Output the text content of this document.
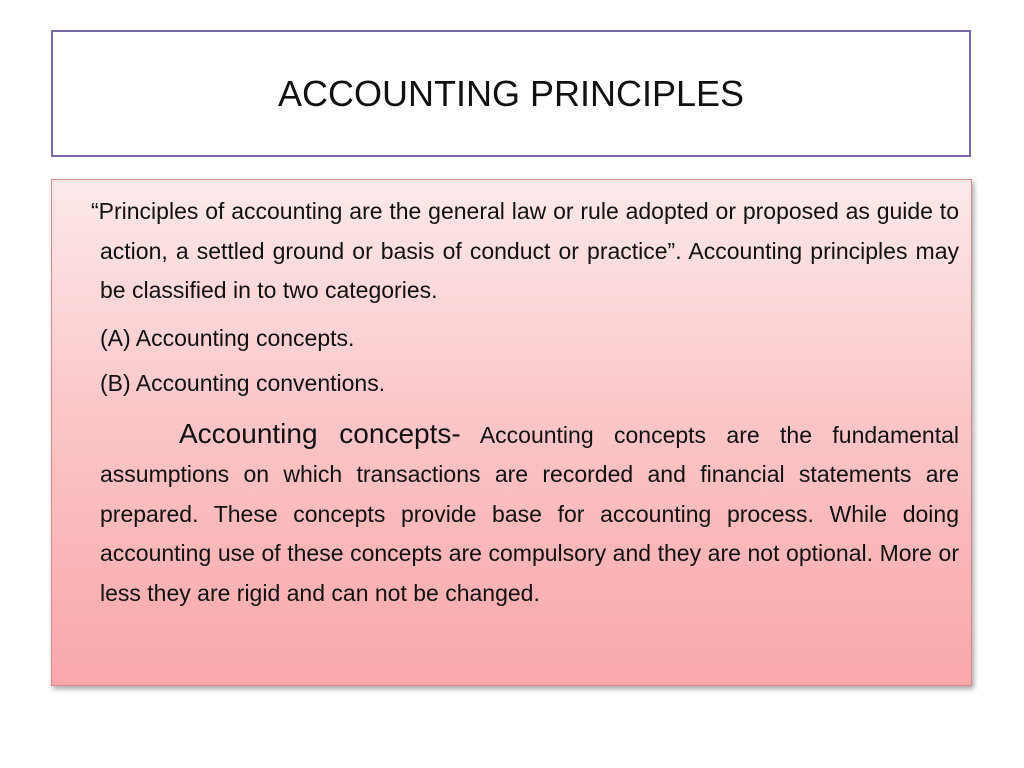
ACCOUNTING PRINCIPLES

“Principles of accounting are the general law or rule adopted or proposed as guide to action, a settled ground or basis of conduct or practice”. Accounting principles may be classified in to two categories.

(A) Accounting concepts.

(B) Accounting conventions.

Accounting concepts- Accounting concepts are the fundamental assumptions on which transactions are recorded and financial statements are prepared. These concepts provide base for accounting process. While doing accounting use of these concepts are compulsory and they are not optional. More or less they are rigid and can not be changed.
